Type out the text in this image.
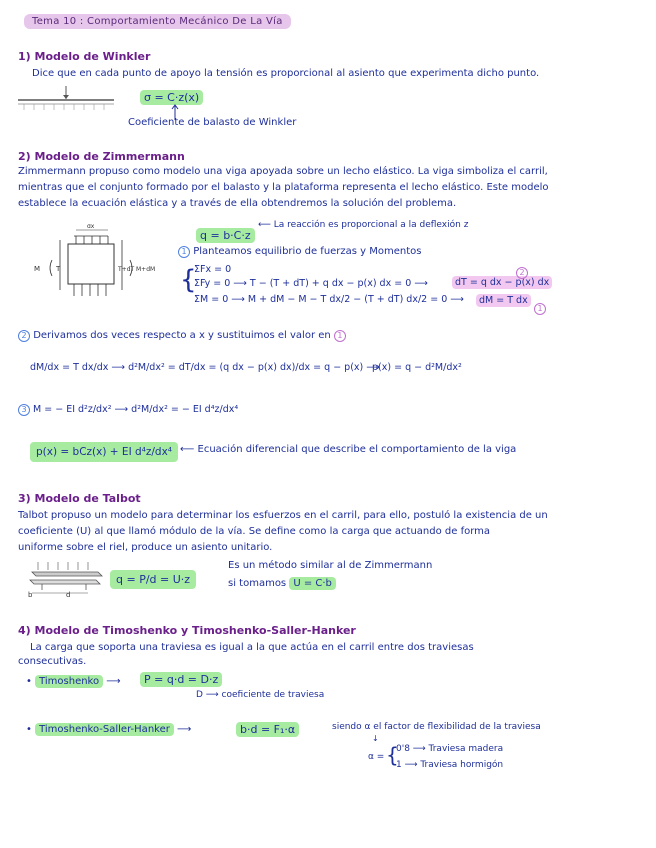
Tema 10 : Comportamiento Mecánico De La Vía
1) Modelo de Winkler
Dice que en cada punto de apoyo la tensión es proporcional al asiento que experimenta dicho punto.
σ = C·z(x)
Coeficiente de balasto de Winkler
2) Modelo de Zimmermann
Zimmermann propuso como modelo una viga apoyada sobre un lecho elástico. La viga simboliza el carril,
mientras que el conjunto formado por el balasto y la plataforma representa el lecho elástico. Este modelo
establece la ecuación elástica y a través de ella obtendremos la solución del problema.
M T	T+dT M+dM
dx
q = b·C·z
⟵ La reacción es proporcional a la deflexión z
1 Planteamos equilibrio de fuerzas y Momentos
{
ΣFx = 0
ΣFy = 0 ⟶ T − (T + dT) + q dx − p(x) dx = 0 ⟶	dT = q dx − p(x) dx
2
ΣM = 0 ⟶ M + dM − M − T dx/2 − (T + dT) dx/2 = 0 ⟶	dM = T dx
1
2 Derivamos dos veces respecto a x y sustituimos el valor en 1
dM/dx = T dx/dx ⟶ d²M/dx² = dT/dx = (q dx − p(x) dx)/dx = q − p(x) ⟶
p(x) = q − d²M/dx²
3 M = − EI d²z/dx² ⟶ d²M/dx² = − EI d⁴z/dx⁴
p(x) = bCz(x) + EI d⁴z/dx⁴ ⟵ Ecuación diferencial que describe el comportamiento de la viga
3) Modelo de Talbot
Talbot propuso un modelo para determinar los esfuerzos en el carril, para ello, postuló la existencia de un
coeficiente (U) al que llamó módulo de la vía. Se define como la carga que actuando de forma
uniforme sobre el riel, produce un asiento unitario.
b	d
q = P/d = U·z
Es un método similar al de Zimmermann
si tomamos U = C·b
4) Modelo de Timoshenko y Timoshenko-Saller-Hanker
La carga que soporta una traviesa es igual a la que actúa en el carril entre dos traviesas
consecutivas.
• Timoshenko ⟶	P = q·d = D·z
D ⟶ coeficiente de traviesa
• Timoshenko-Saller-Hanker ⟶	b·d = F₁·α	siendo α el factor de flexibilidad de la traviesa
↓
α = {
0'8 ⟶ Traviesa madera
1 ⟶ Traviesa hormigón
